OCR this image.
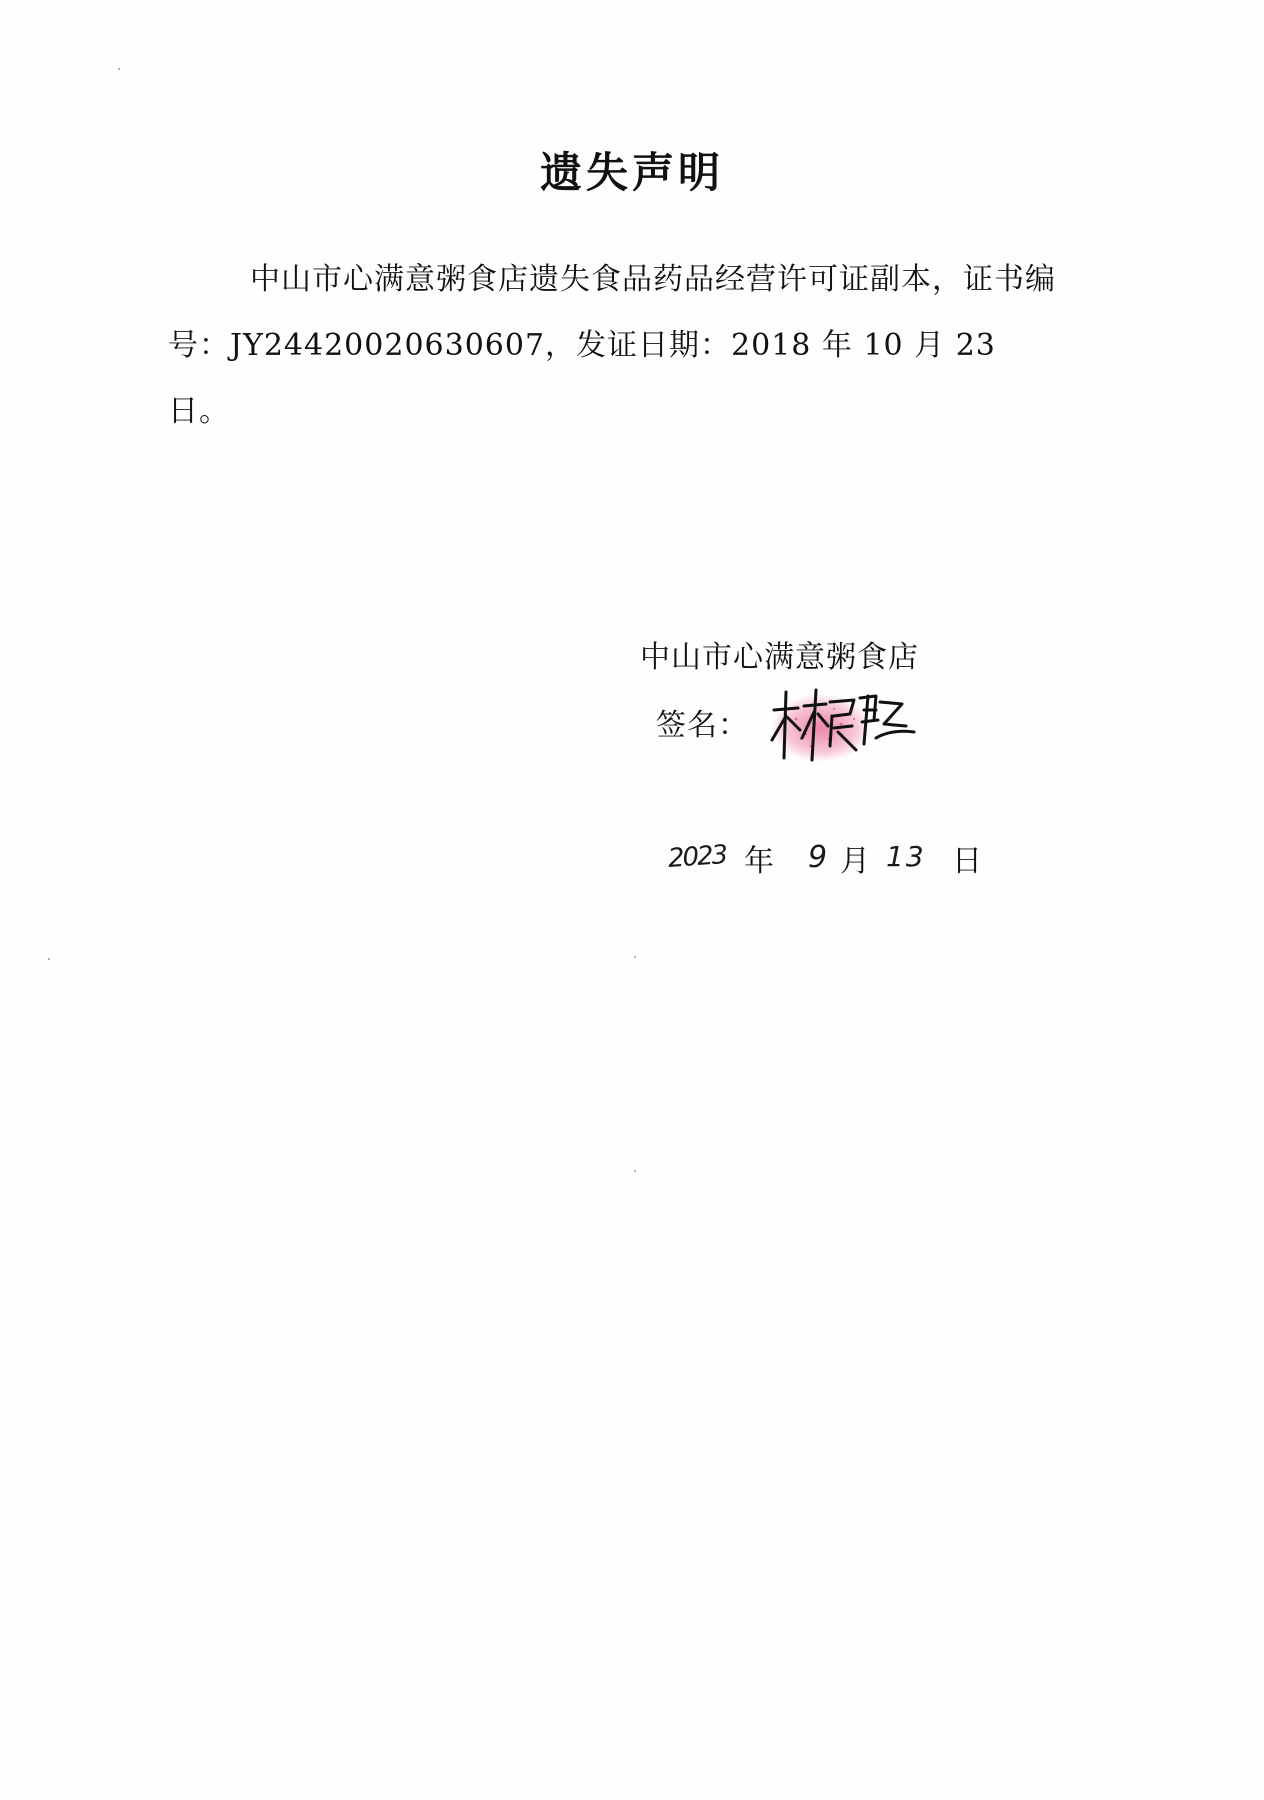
遗失声明
中山市心满意粥食店遗失食品药品经营许可证副本，证书编号：JY24420020630607，发证日期：2018 年 10 月 23 日。
中山市心满意粥食店
签名：
2023 年 9 月 13 日
